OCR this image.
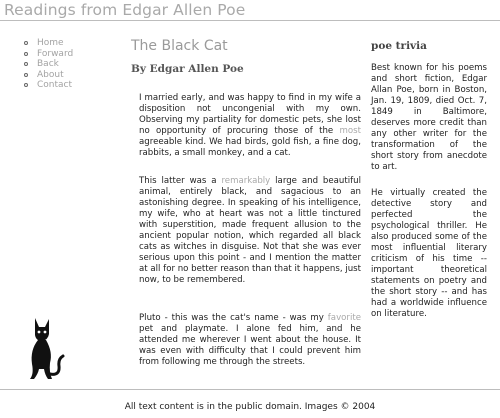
Readings from Edgar Allen Poe
Home
Forward
Back
About
Contact
The Black Cat
By Edgar Allen Poe

I married early, and was happy to find in my wife a disposition not uncongenial with my own. Observing my partiality for domestic pets, she lost no opportunity of procuring those of the most agreeable kind. We had birds, gold fish, a fine dog, rabbits, a small monkey, and a cat.

This latter was a remarkably large and beautiful animal, entirely black, and sagacious to an astonishing degree. In speaking of his intelligence, my wife, who at heart was not a little tinctured with superstition, made frequent allusion to the ancient popular notion, which regarded all black cats as witches in disguise. Not that she was ever serious upon this point - and I mention the matter at all for no better reason than that it happens, just now, to be remembered.

Pluto - this was the cat's name - was my favorite pet and playmate. I alone fed him, and he attended me wherever I went about the house. It was even with difficulty that I could prevent him from following me through the streets.

poe trivia

Best known for his poems and short fiction, Edgar Allan Poe, born in Boston, Jan. 19, 1809, died Oct. 7, 1849 in Baltimore, deserves more credit than any other writer for the transformation of the short story from anecdote to art.

He virtually created the detective story and perfected the psychological thriller. He also produced some of the most influential literary criticism of his time -- important theoretical statements on poetry and the short story -- and has had a worldwide influence on literature.

All text content is in the public domain. Images © 2004
